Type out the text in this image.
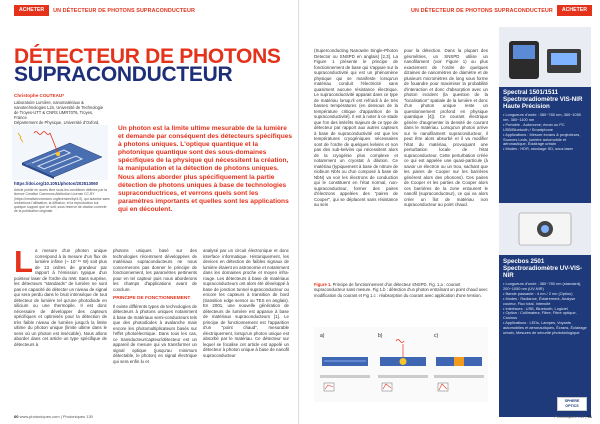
ACHETER	UN DÉTECTEUR DE PHOTONS SUPRACONDUCTEUR
DÉTECTEUR DE PHOTONS
SUPRACONDUCTEUR
Christophe COUTEAU*
Laboratoire Lumière, nanomatériaux & nanotechnologies L2n, Université de Technologie de Troyes-UTT & CNRS UMR7076, Troyes, France
Département de Physique, Université d'Oxford,
https://doi.org/10.1051/photon/202513060
Article publié en accès libre sous les conditions définies par la licence Creative Commons Attribution License CC-BY (https://creativecommons.org/licenses/by/4.0), qui autorise sans restrictions l'utilisation, la diffusion, et la reproduction sur quelque support que ce soit, sous réserve de citation correcte de la publication originale.

Un photon est la limite ultime mesurable de la lumière et demande par conséquent des détecteurs spécifiques à photons uniques. L'optique quantique et la photonique quantique sont des sous-domaines spécifiques de la physique qui nécessitent la création, la manipulation et la détection de photons uniques. Nous allons aborder plus spécifiquement la partie détection de photons uniques à base de technologies supraconductrices, et verrons quels sont les paramètres importants et quelles sont les applications qui en découlent.

La mesure d'un photon unique correspond à la mesure d'un flux de lumière infime (~ 10⁻¹⁹ W) soit plus de 13 ordres de grandeur par rapport à l'émission typique d'un pointeur laser de l'ordre du mW. Sans surprise, les détecteurs "standards" de lumière ne sont pas en capacité de détecter un niveau de signal qui sera perdu dans le bruit intrinsèque de tout détecteur de lumière tel qu'une photodiode en silicium ou une thermopile. Il est donc nécessaire de développer des capteurs spécifiques et optimisés pour la détection de très faible niveau de lumière jusqu'à la limite ultime du photon unique (limite ultime dans le sens où un photon est insécable). Nous allons aborder dans cet article un type spécifique de détecteurs à

photons uniques basé sur des technologies récemment développées de matériaux supraconducteurs ne nous concernerons pas donner le principe de fonctionnement, les paramètres pertinents pour en tel capteur puis nous aborderons les champs d'applications avant de conclure.

PRINCIPE DE FONCTIONNEMENT

Il existe différents types de technologies de détecteurs à photons uniques notamment à base de matériaux semi-conducteurs tels que des photodiodes à avalanche mais encore les photomultiplicateurs basés sur l'effet photoélectrique. Dans tous les cas, ce transducteur/capteur/détecteur est un appareil de mesure qui va transformer un signal optique (jusqu'au minimum détectable, le photon) en signal électrique qui sera enfin lu et

analysé par un circuit électronique et donc interface informatique. Historiquement, les devices en détection de faibles signaux de lumière étaient en astronomie et notamment dans les domaines proche et moyen infra-rouge. Les détecteurs à base de matériaux supraconducteurs ont alors été développé à base de jonction tunnel supraconducteur ou encore les capteurs à transition de bord (transition edge sensor ou TES en anglais). En 2001, une nouvelle génération de détecteurs de lumière est apparue à base de matériaux supraconducteurs [1]. Le principe de fonctionnement est l'apparition d'un "point chaud", mesurable électriquement, lorsqu'un photon unique est absorbé par le matériau. Ce détecteur sur lequel se focalise cet article est appelé un détecteur à photon unique à base de nanofil supraconducteur

60 www.photoniques.com | Photoniques 130
UN DÉTECTEUR DE PHOTONS SUPRACONDUCTEUR	ACHETER

(Superconducting Nanowire Single-Photon Detector ou SNSPD en anglais) [2,3]. La Figure 1 présente le principe de fonctionnement de base qui s'appuie sur la supraconductivité qui est un phénomène physique qui se manifeste lorsqu'un matériau conduit l'électricité sans quasiment aucune résistance électrique. Le supraconductivité apparait dans ce type de matériau lorsqu'il est refroidi à de très basses températures (en dessous de la température critique d'apparition de la supraconductivité). Il est à noter à ce stade que l'on des intérêts majeurs de ce type de détecteur par rapport aux autres capteurs à base de supraconductivité est que les températures cryogéniques nécessaires sont de l'ordre de quelques kelvins et non pas des sub-kelvins qui nécessitent alors de la cryogénie plus complexe et notamment un cryostat à dilution. Ce matériau (typiquement à base de nitrure de niobium NbN ou d'un composé à base de NbN) va voir les électrons de conduction qui le constituent en l'état normal, non-supraconducteur, former des paires d'électrons appelées des "paires de Cooper", qui se déplacent sans résistance au sein

pour la détection. Dans la plupart des géométries, un SNSPD utilise un nanofilament (voir Figure 1) ou plus exactement de l'ordre de quelques dizaines de nanomètres de diamètre et de plusieurs micromètres de long sous forme de fouandre pour maximiser la probabilité d'interaction et donc d'absorption avec un photon incident (la question de la "localisation" spatiale de la lumière et donc d'un photon unique reste un questionnement profond en physique quantique [4]). Ce courant électrique génère d'augmenter la densité de courant dans le matériau. Lorsqu'un photon arrive sur le nanofilament supraconducteur, il peut être alors absorbé et il va modifier l'état du matériau, provoquant une perturbation locale de l'état supraconducteur. Cette perturbation créée ce qui est appelée une quasi-particule (à savoir un électron ou un trou, sachant que les paires de Cooper sur les barrières génèrent alors des phonons). Ces paires de Cooper et les parties de Cooper alors ces barrières de la zone entourent le nanofil (supraconducteur), ce qui va alors créer un îlot de matériau non supraconducteur au point chaud.

Figure 1. Principe de fonctionnement d'un détecteur SNSPD. Fig. 1.a : courant supraconducteur sans mesure. Fig 1.b : détection d'un photon entraînant un point chaud avec modification du courant et Fig 1.c : réabsorption du courant avec application d'une tension.
a)	b)	c)
Spectral 1501/1511 Spectroradiomètre VIS-NIR Haute Précision
• Longueurs d'onde : 380~780 nm, 380~1050 nm, 380~1100 nm
• Portable - Autonome; écran ou PC USB/Bluetooth / Smartphone
• Applications : Mesure écrans & projecteurs, Sources Leds, lumière automobile et aéronautique, Éclairage urbain
• Modes : HDR, stockage SD, sous laser
Specbos 2501 Spectroradiomètre UV-VIS-NIR
• Longueurs d'onde : 380~780 nm (standard), 200~1050 nm (UV-NIR)
• Bande passante : 4 nm / 2 nm (Option)
• Modes : Radiance, Éclairement, Analyse couleur, Flux total, Intensité
• Interfaces : USB, Bluetooth, Logiciel
• Option : Collimateur, Fibre, Fibre optique, Cosinus
• Applications : LEDs, Lampes, Voyants automobiles et aéronautiques, Écrans, Éclairage urbain, Mesures de sécurité photobiologique
SPHERE OPTICS
Photoniques 130 | 61
